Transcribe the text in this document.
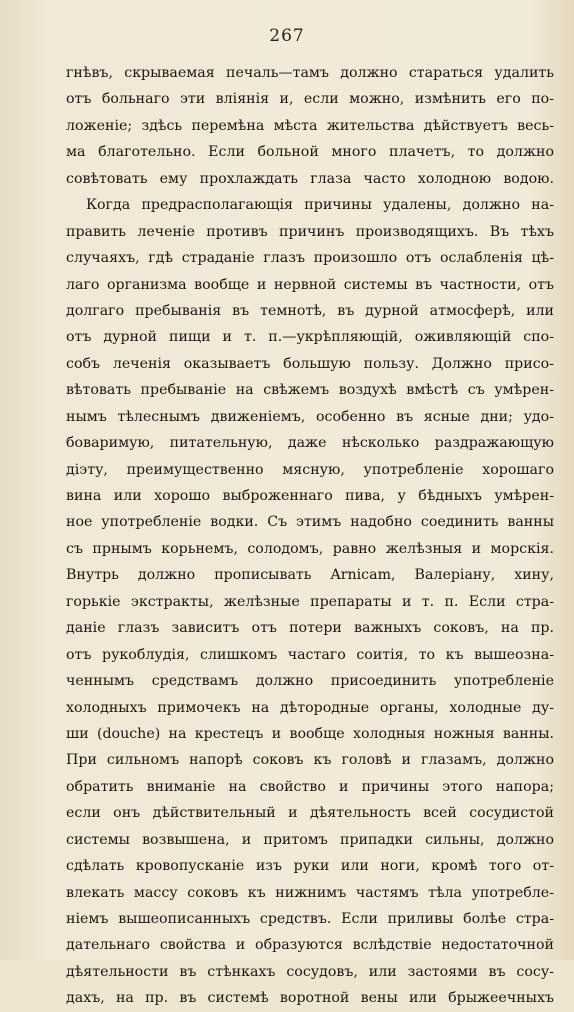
267
гнѣвъ, скрываемая печаль—тамъ должно стараться удалить
отъ больнаго эти вліянія и, если можно, измѣнить его по-
ложеніе; здѣсь перемѣна мѣста жительства дѣйствуетъ весь-
ма благотельно. Если больной много плачетъ, то должно
совѣтовать ему прохлаждать глаза часто холодною водою.
Когда предрасполагающія причины удалены, должно на-
править леченіе противъ причинъ производящихъ. Въ тѣхъ
случаяхъ, гдѣ страданіе глазъ произошло отъ ослабленія цѣ-
лаго организма вообще и нервной системы въ частности, отъ
долгаго пребыванія въ темнотѣ, въ дурной атмосферѣ, или
отъ дурной пищи и т. п.—укрѣпляющій, оживляющій спо-
собъ леченія оказываетъ большую пользу. Должно присо-
вѣтовать пребываніе на свѣжемъ воздухѣ вмѣстѣ съ умѣрен-
нымъ тѣлеснымъ движеніемъ, особенно въ ясные дни; удо-
боваримую, питательную, даже нѣсколько раздражающую
діэту, преимущественно мясную, употребленіе хорошаго
вина или хорошо выброженнаго пива, у бѣдныхъ умѣрен-
ное употребленіе водки. Съ этимъ надобно соединить ванны
съ прнымъ корьнемъ, солодомъ, равно желѣзныя и морскія.
Внутрь должно прописывать Arnicam, Валеріану, хину,
горькіе экстракты, желѣзные препараты и т. п. Если стра-
даніе глазъ зависитъ отъ потери важныхъ соковъ, на пр.
отъ рукоблудія, слишкомъ частаго соитія, то къ вышеозна-
ченнымъ средствамъ должно присоединить употребленіе
холодныхъ примочекъ на дѣтородные органы, холодные ду-
ши (douche) на крестецъ и вообще холодныя ножныя ванны.
При сильномъ напорѣ соковъ къ головѣ и глазамъ, должно
обратить вниманіе на свойство и причины этого напора;
если онъ дѣйствительный и дѣятельность всей сосудистой
системы возвышена, и притомъ припадки сильны, должно
сдѣлать кровопусканіе изъ руки или ноги, кромѣ того от-
влекать массу соковъ къ нижнимъ частямъ тѣла употребле-
ніемъ вышеописанныхъ средствъ. Если приливы болѣе стра-
дательнаго свойства и образуются вслѣдствіе недостаточной
дѣятельности въ стѣнкахъ сосудовъ, или застоями въ сосу-
дахъ, на пр. въ системѣ воротной вены или брыжеечныхъ
